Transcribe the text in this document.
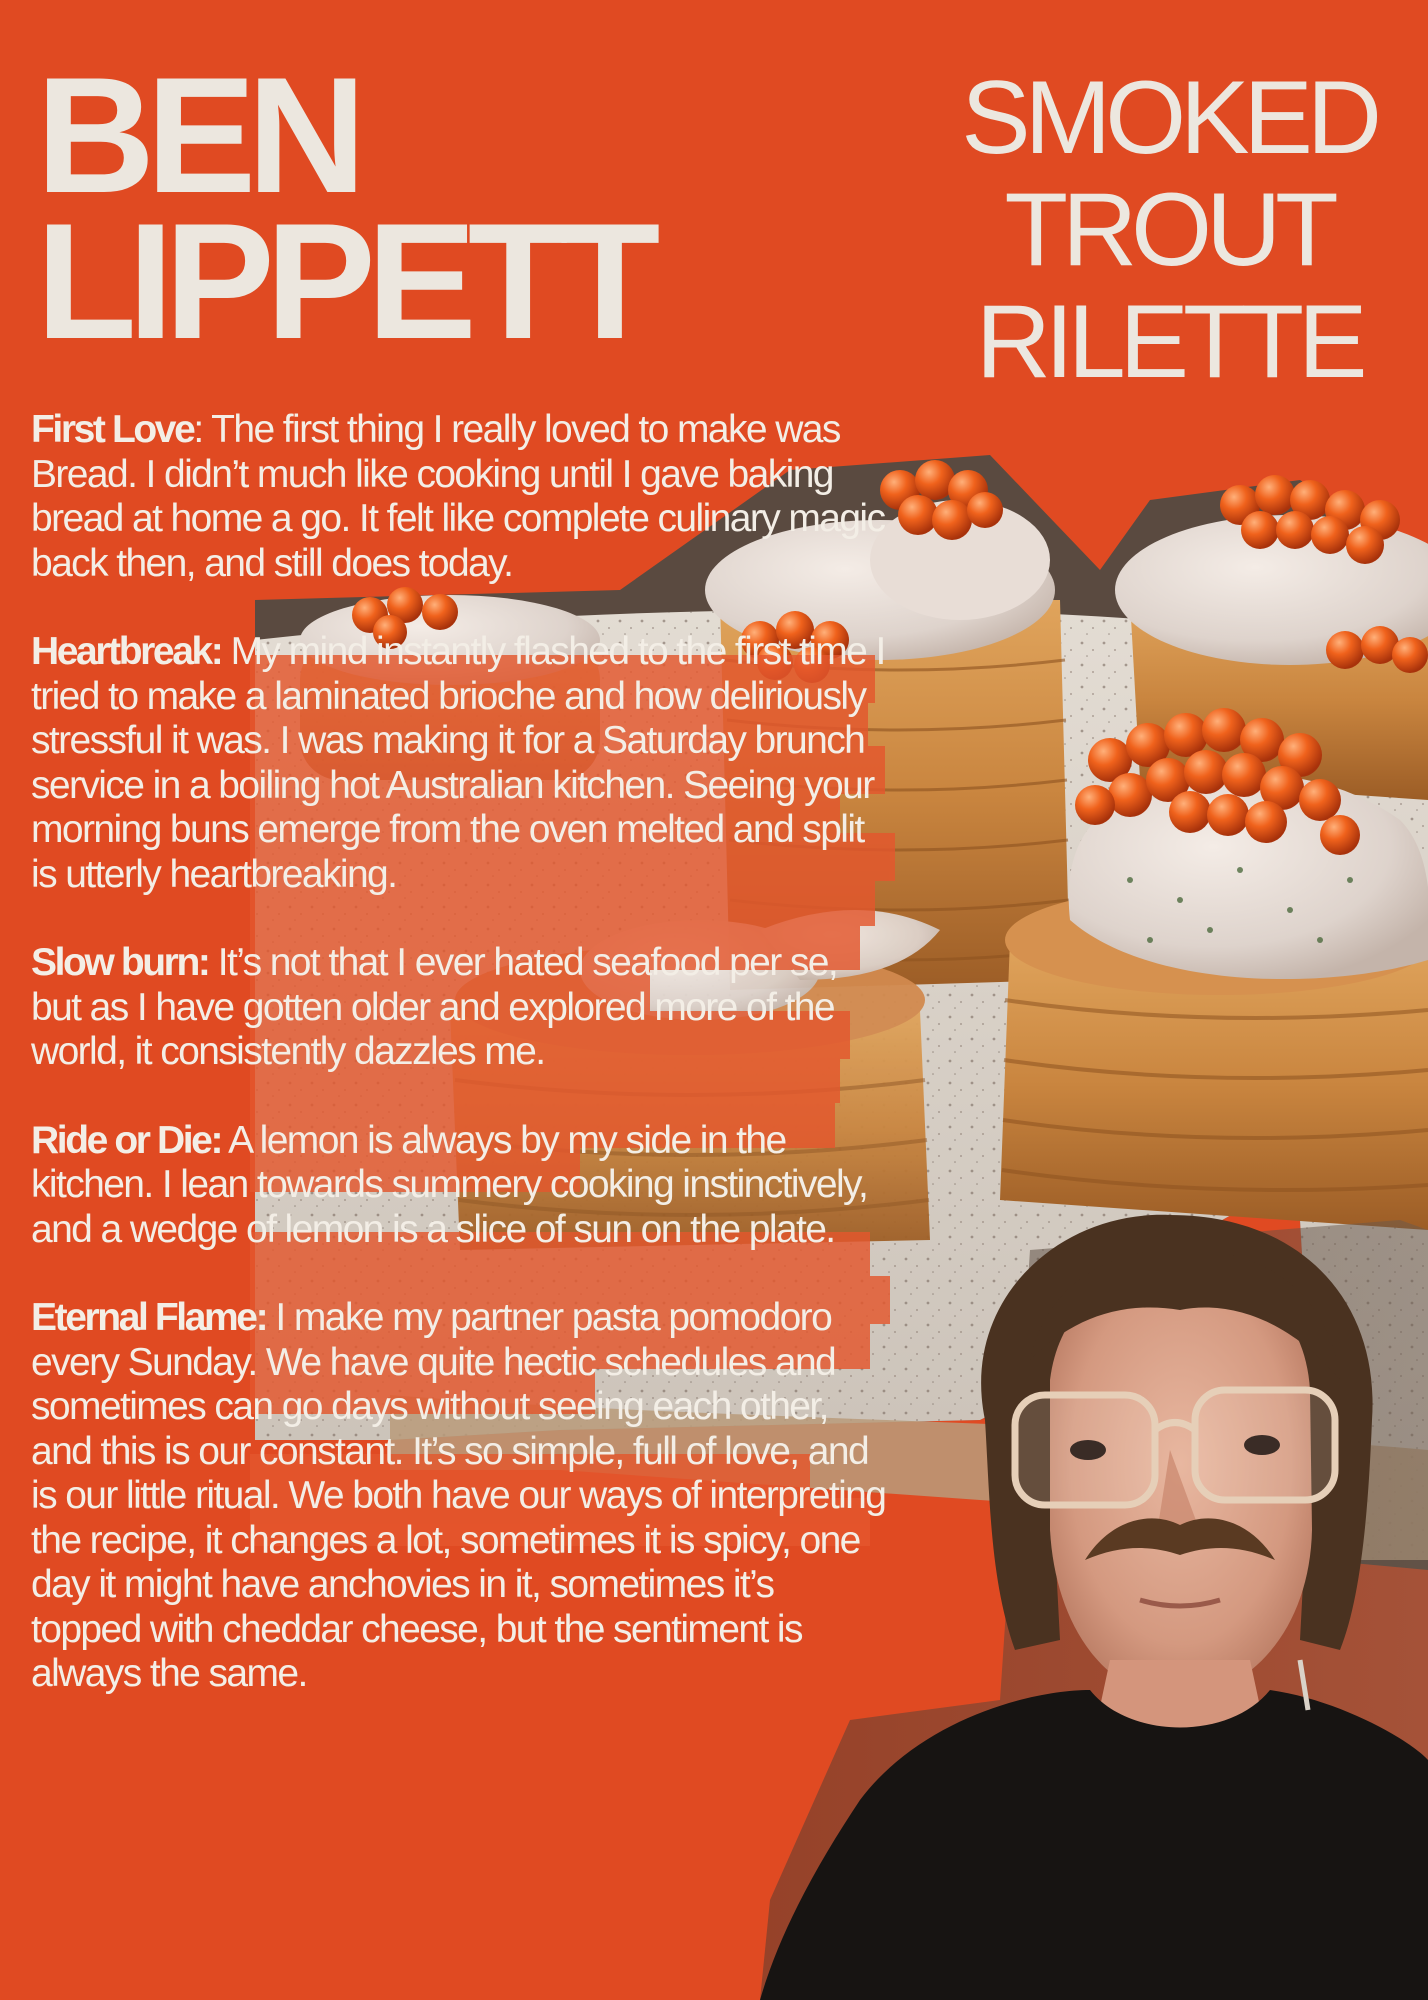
BEN
LIPPETT
SMOKED
TROUT
RILETTE

First Love: The first thing I really loved to make was Bread. I didn’t much like cooking until I gave baking bread at home a go. It felt like complete culinary magic back then, and still does today.

Heartbreak: My mind instantly flashed to the first time I tried to make a laminated brioche and how deliriously stressful it was. I was making it for a Saturday brunch service in a boiling hot Australian kitchen. Seeing your morning buns emerge from the oven melted and split is utterly heartbreaking.

Slow burn: It’s not that I ever hated seafood per se, but as I have gotten older and explored more of the world, it consistently dazzles me.

Ride or Die: A lemon is always by my side in the kitchen. I lean towards summery cooking instinctively, and a wedge of lemon is a slice of sun on the plate.

Eternal Flame: I make my partner pasta pomodoro every Sunday. We have quite hectic schedules and sometimes can go days without seeing each other, and this is our constant. It’s so simple, full of love, and is our little ritual. We both have our ways of interpreting the recipe, it changes a lot, sometimes it is spicy, one day it might have anchovies in it, sometimes it’s topped with cheddar cheese, but the sentiment is always the same.
